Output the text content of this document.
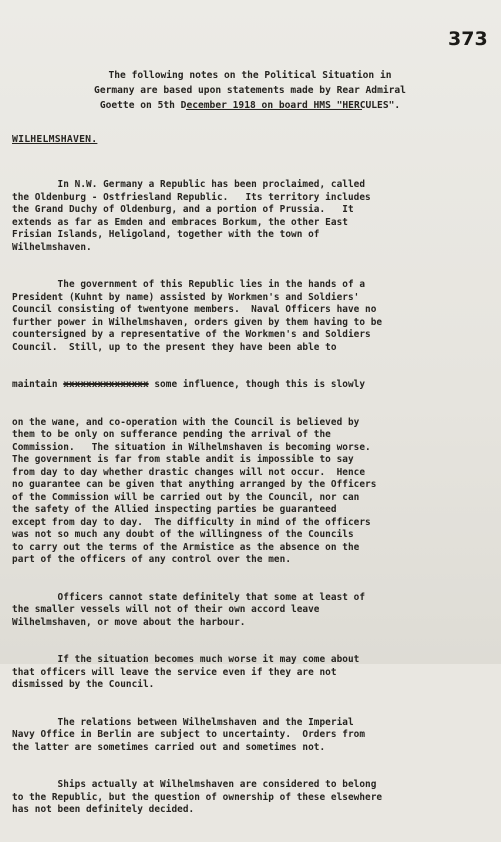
373
The following notes on the Political Situation in
Germany are based upon statements made by Rear Admiral
Goette on 5th December 1918 on board HMS "HERCULES".
WILHELMSHAVEN.

In N.W. Germany a Republic has been proclaimed, called
the Oldenburg - Ostfriesland Republic.   Its territory includes
the Grand Duchy of Oldenburg, and a portion of Prussia.   It
extends as far as Emden and embraces Borkum, the other East
Frisian Islands, Heligoland, together with the town of
Wilhelmshaven.

The government of this Republic lies in the hands of a
President (Kuhnt by name) assisted by Workmen's and Soldiers'
Council consisting of twentyone members.  Naval Officers have no
further power in Wilhelmshaven, orders given by them having to be
countersigned by a representative of the Workmen's and Soldiers
Council.  Still, up to the present they have been able to

maintain xxxxxxxxxxxxxxx some influence, though this is slowly

on the wane, and co-operation with the Council is believed by
them to be only on sufferance pending the arrival of the
Commission.   The situation in Wilhelmshaven is becoming worse.
The government is far from stable andit is impossible to say
from day to day whether drastic changes will not occur.  Hence
no guarantee can be given that anything arranged by the Officers
of the Commission will be carried out by the Council, nor can
the safety of the Allied inspecting parties be guaranteed
except from day to day.  The difficulty in mind of the officers
was not so much any doubt of the willingness of the Councils
to carry out the terms of the Armistice as the absence on the
part of the officers of any control over the men.

Officers cannot state definitely that some at least of
the smaller vessels will not of their own accord leave
Wilhelmshaven, or move about the harbour.

If the situation becomes much worse it may come about
that officers will leave the service even if they are not
dismissed by the Council.

The relations between Wilhelmshaven and the Imperial
Navy Office in Berlin are subject to uncertainty.  Orders from
the latter are sometimes carried out and sometimes not.

Ships actually at Wilhelmshaven are considered to belong
to the Republic, but the question of ownership of these elsewhere
has not been definitely decided.
